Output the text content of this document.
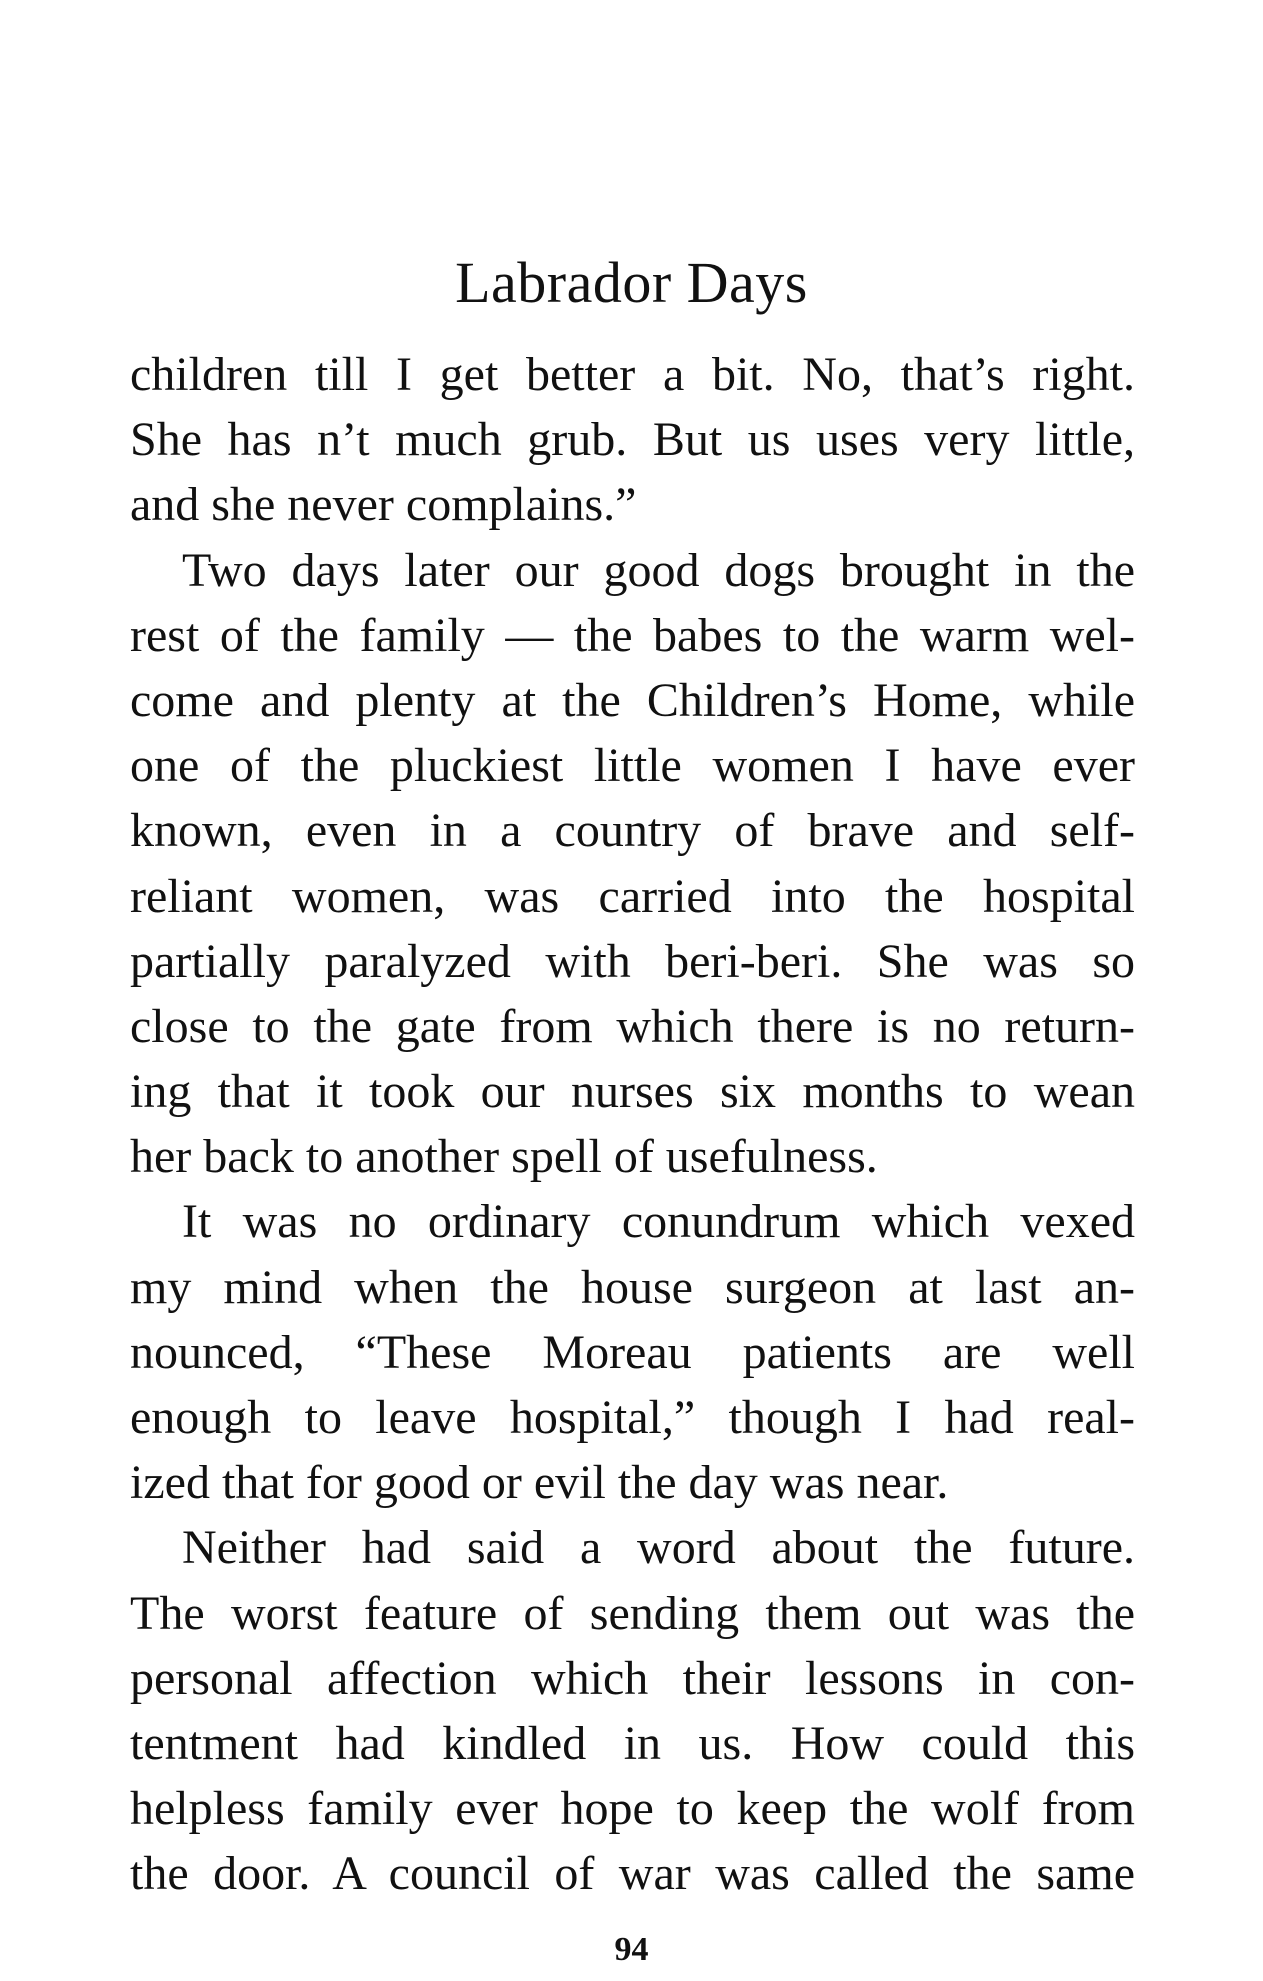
Labrador Days
children till I get better a bit. No, that’s right.
She has n’t much grub. But us uses very little,
and she never complains.”
Two days later our good dogs brought in the
rest of the family — the babes to the warm wel-
come and plenty at the Children’s Home, while
one of the pluckiest little women I have ever
known, even in a country of brave and self-
reliant women, was carried into the hospital
partially paralyzed with beri-beri. She was so
close to the gate from which there is no return-
ing that it took our nurses six months to wean
her back to another spell of usefulness.
It was no ordinary conundrum which vexed
my mind when the house surgeon at last an-
nounced, “These Moreau patients are well
enough to leave hospital,” though I had real-
ized that for good or evil the day was near.
Neither had said a word about the future.
The worst feature of sending them out was the
personal affection which their lessons in con-
tentment had kindled in us. How could this
helpless family ever hope to keep the wolf from
the door. A council of war was called the same

94
